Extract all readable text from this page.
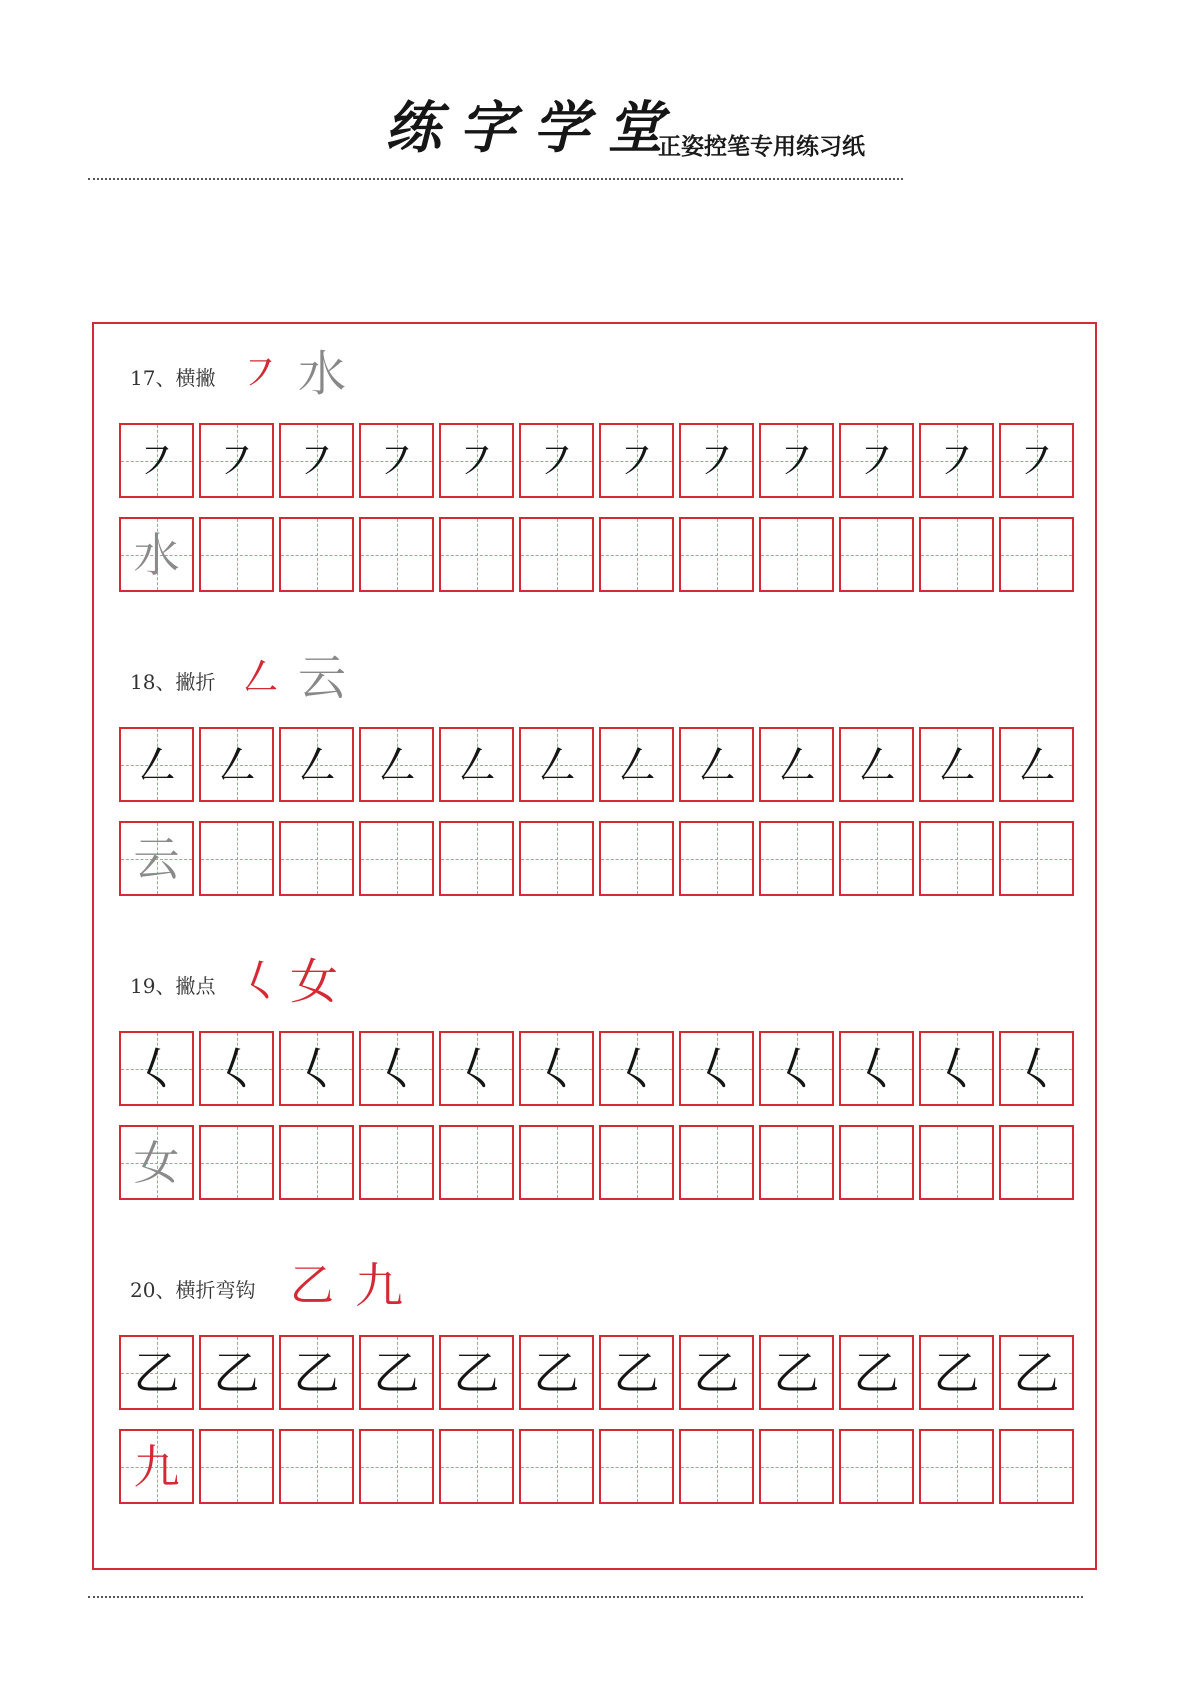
练字学堂
正姿控笔专用练习纸
17、横撇 ㇇ 水
㇇ ㇇ ㇇ ㇇ ㇇ ㇇ ㇇ ㇇ ㇇ ㇇ ㇇ ㇇
水
18、撇折 ㇜ 云
㇜ ㇜ ㇜ ㇜ ㇜ ㇜ ㇜ ㇜ ㇜ ㇜ ㇜ ㇜
云
19、撇点 𡿨 女
𡿨 𡿨 𡿨 𡿨 𡿨 𡿨 𡿨 𡿨 𡿨 𡿨 𡿨 𡿨
女
20、横折弯钩 乙 九
乙 乙 乙 乙 乙 乙 乙 乙 乙 乙 乙 乙
九
